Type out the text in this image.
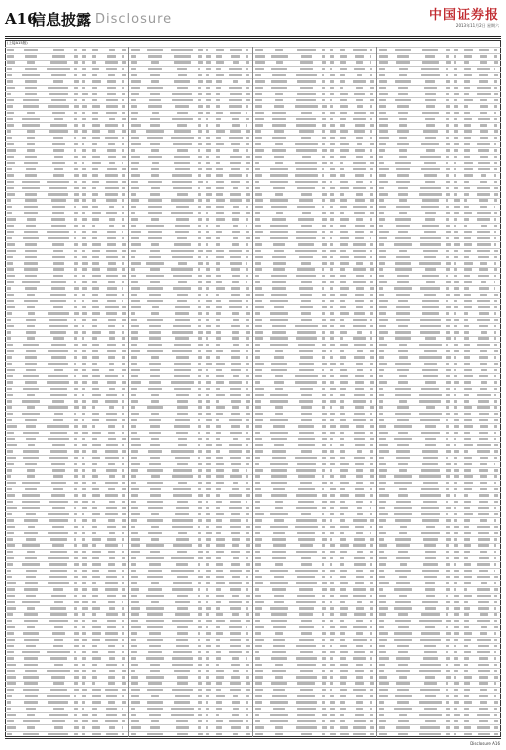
A16
信息披露 Disclosure	中国证券报
2013年11月2日 星期六
(上接A15版)
Disclosure A16
